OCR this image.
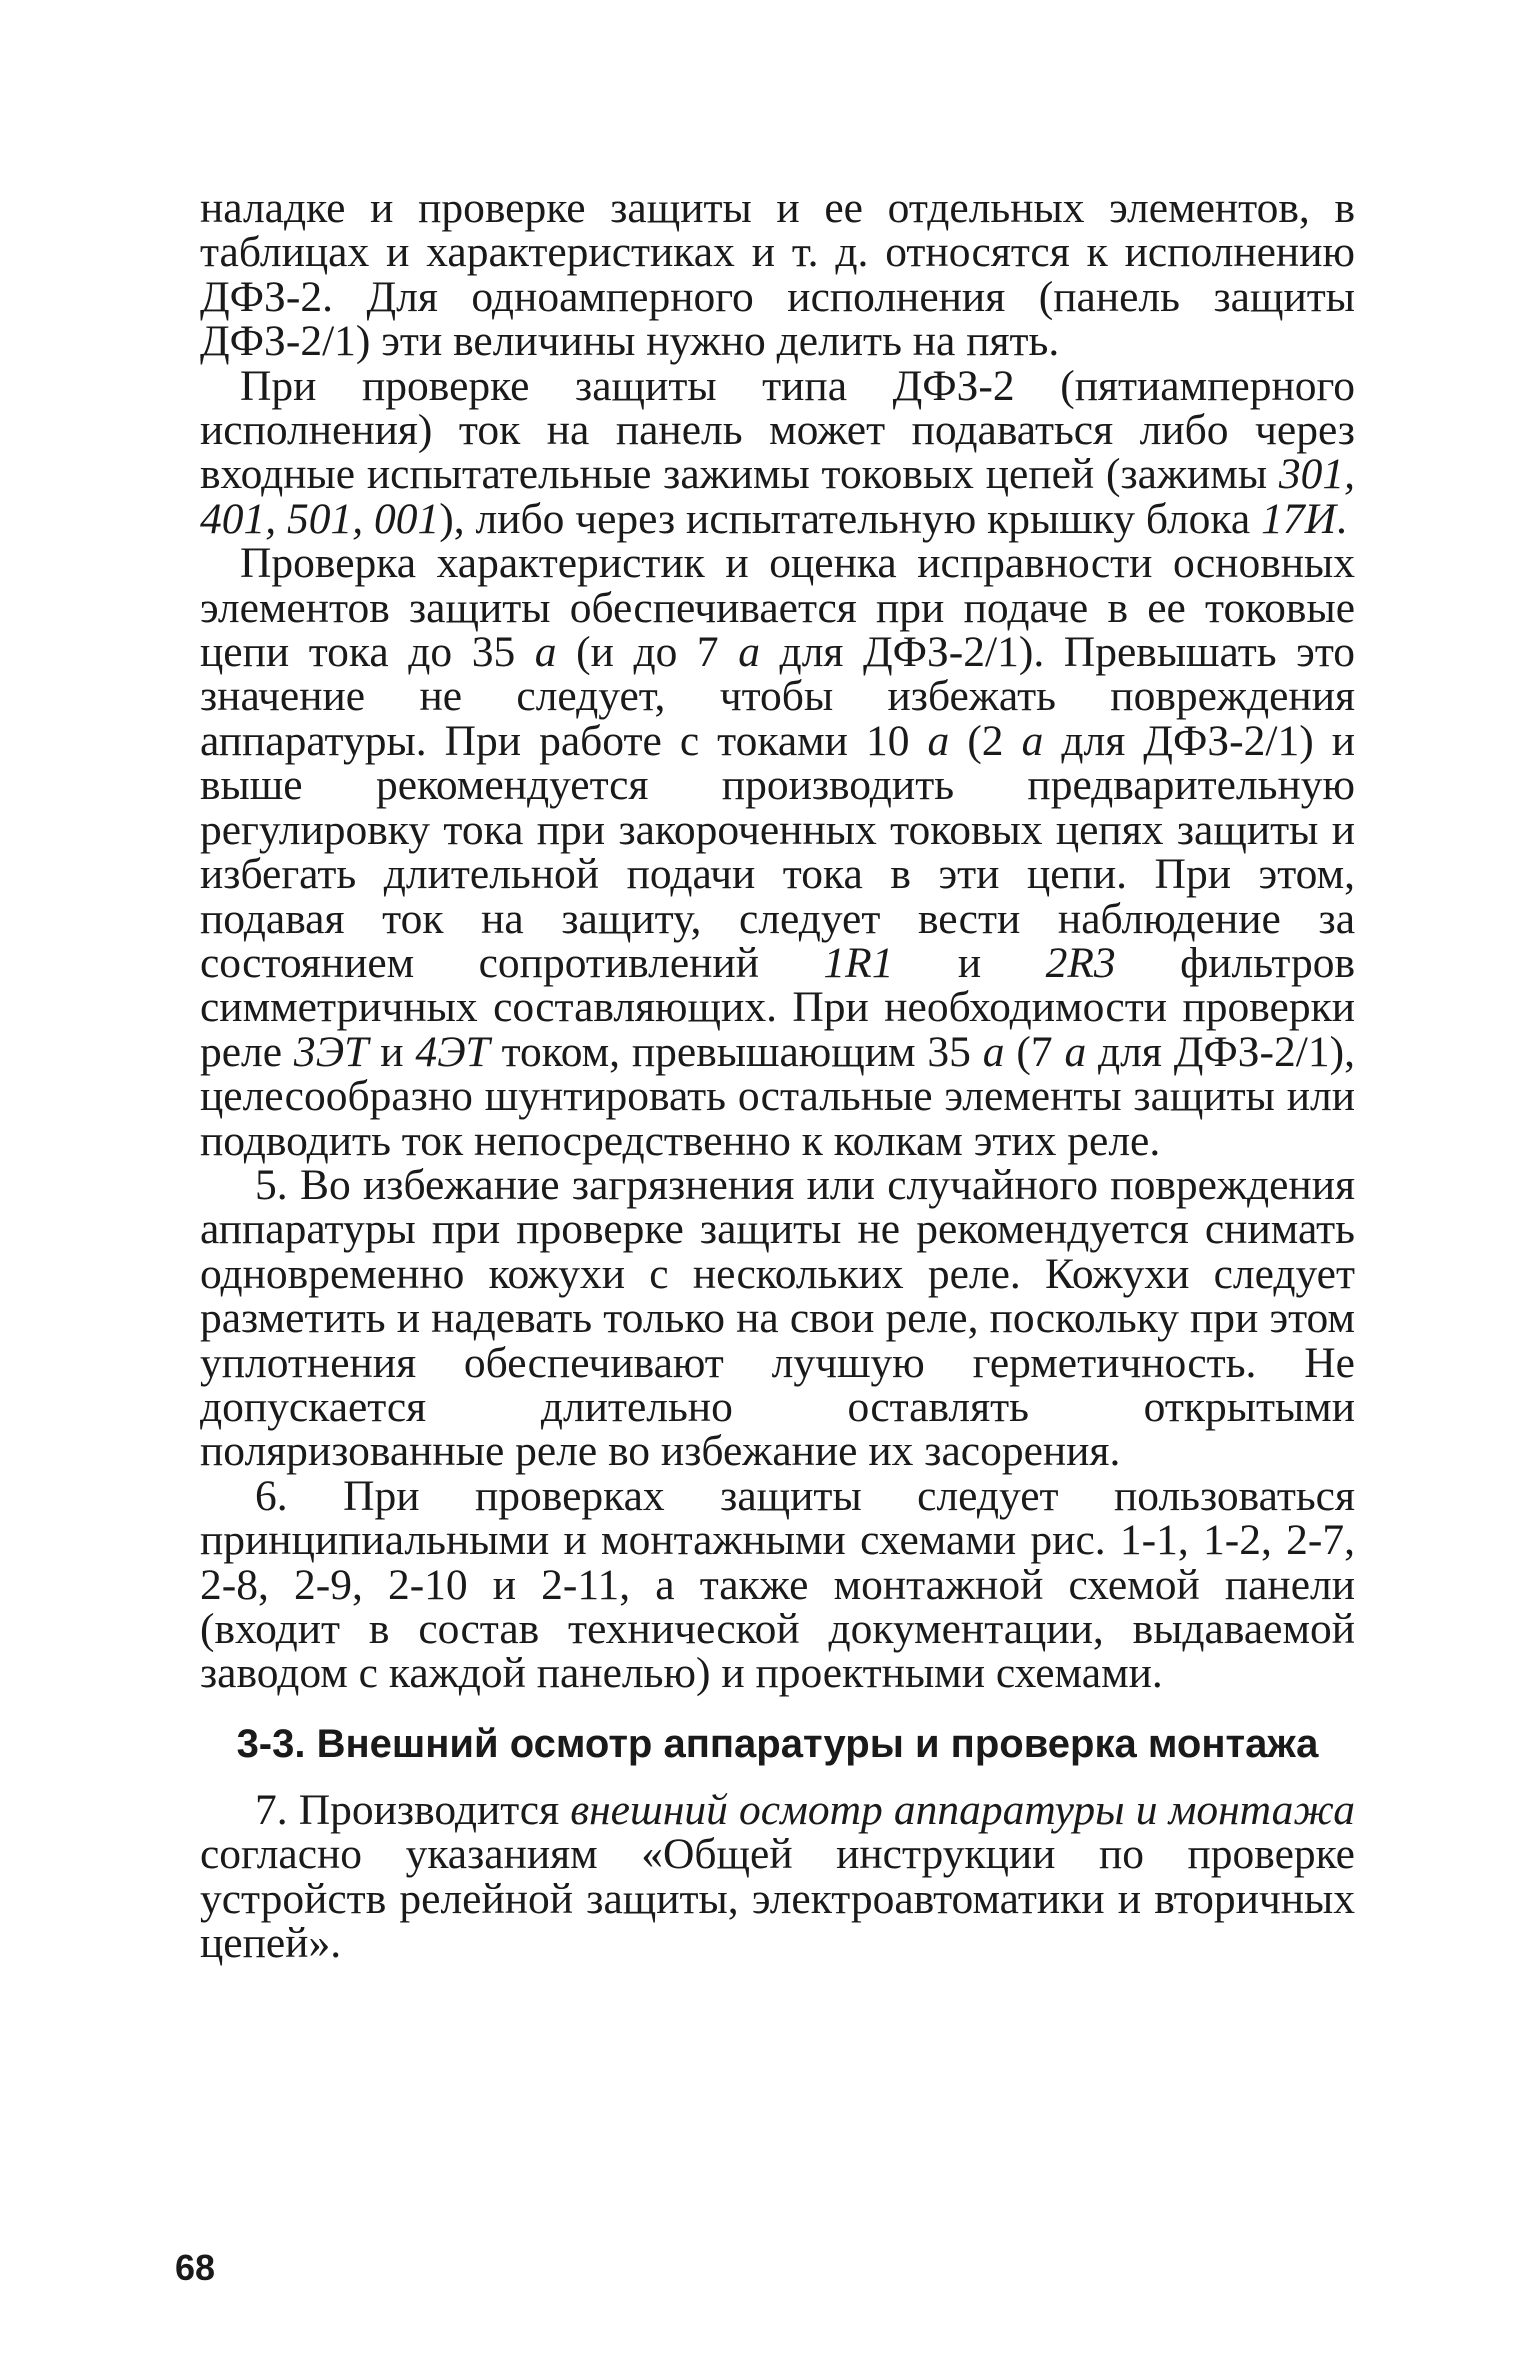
наладке и проверке защиты и ее отдельных элементов, в таблицах и характеристиках и т. д. относятся к исполнению ДФЗ-2. Для одноамперного исполнения (панель защиты ДФЗ-2/1) эти величины нужно делить на пять.

При проверке защиты типа ДФЗ-2 (пятиамперного исполнения) ток на панель может подаваться либо через входные испытательные зажимы токовых цепей (зажимы 301, 401, 501, 001), либо через испытательную крышку блока 17И.

Проверка характеристик и оценка исправности основных элементов защиты обеспечивается при подаче в ее токовые цепи тока до 35 а (и до 7 а для ДФЗ-2/1). Превышать это значение не следует, чтобы избежать повреждения аппаратуры. При работе с токами 10 а (2 а для ДФЗ-2/1) и выше рекомендуется производить предварительную регулировку тока при закороченных токовых цепях защиты и избегать длительной подачи тока в эти цепи. При этом, подавая ток на защиту, следует вести наблюдение за состоянием сопротивлений 1R1 и 2R3 фильтров симметричных составляющих. При необходимости проверки реле 3ЭТ и 4ЭТ током, превышающим 35 а (7 а для ДФЗ-2/1), целесообразно шунтировать остальные элементы защиты или подводить ток непосредственно к колкам этих реле.

5. Во избежание загрязнения или случайного повреждения аппаратуры при проверке защиты не рекомендуется снимать одновременно кожухи с нескольких реле. Кожухи следует разметить и надевать только на свои реле, поскольку при этом уплотнения обеспечивают лучшую герметичность. Не допускается длительно оставлять открытыми поляризованные реле во избежание их засорения.

6. При проверках защиты следует пользоваться принципиальными и монтажными схемами рис. 1-1, 1-2, 2-7, 2-8, 2-9, 2-10 и 2-11, а также монтажной схемой панели (входит в состав технической документации, выдаваемой заводом с каждой панелью) и проектными схемами.

3-3. Внешний осмотр аппаратуры и проверка монтажа

7. Производится внешний осмотр аппаратуры и монтажа согласно указаниям «Общей инструкции по проверке устройств релейной защиты, электроавтоматики и вторичных цепей».

68
